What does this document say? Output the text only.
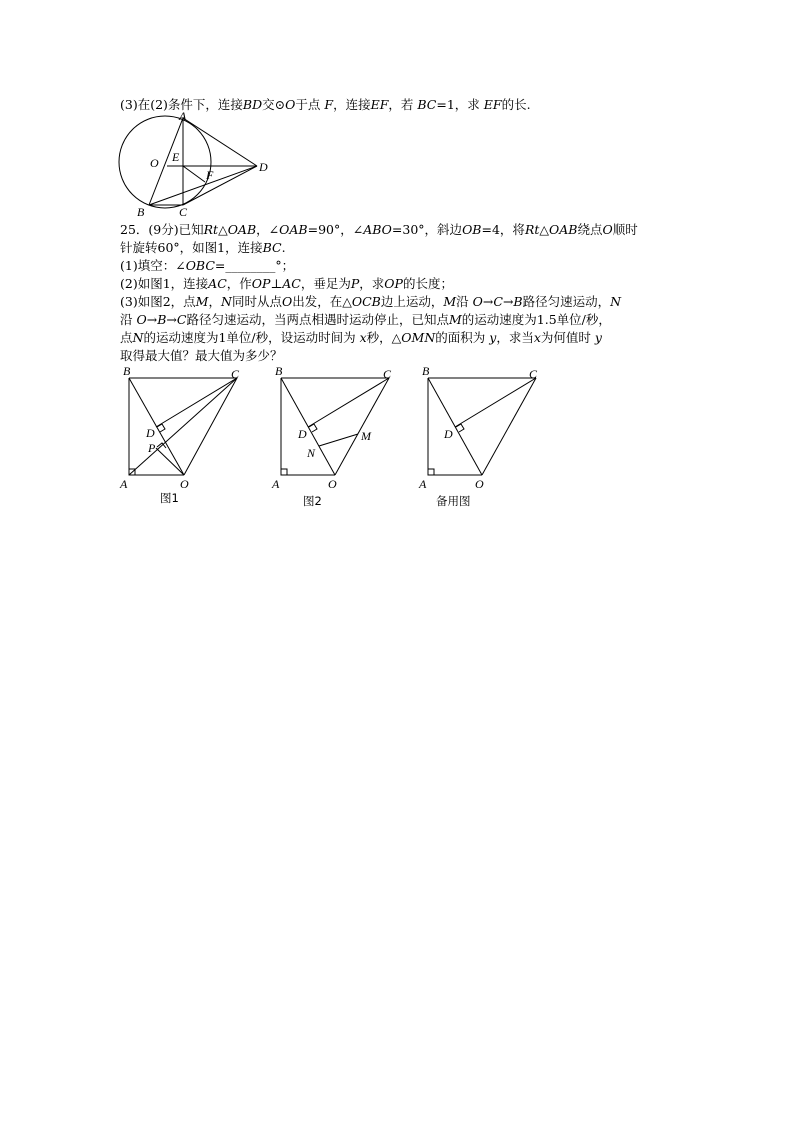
(3)在(2)条件下，连接BD交⊙O于点 F，连接EF，若 BC=1，求 EF的长.
A
O E
F
D
B	C
25．(9分)已知Rt△OAB，∠OAB=90°，∠ABO=30°，斜边OB=4，将Rt△OAB绕点O顺时
针旋转60°，如图1，连接BC.
(1)填空：∠OBC=________°；
(2)如图1，连接AC，作OP⊥AC，垂足为P，求OP的长度；
(3)如图2，点M，N同时从点O出发，在△OCB边上运动，M沿 O→C→B路径匀速运动，N
沿 O→B→C路径匀速运动，当两点相遇时运动停止，已知点M的运动速度为1.5单位/秒，
点N的运动速度为1单位/秒，设运动时间为 x秒，△OMN的面积为 y，求当x为何值时 y
取得最大值？最大值为多少？
B	C
D
P
A	O
图1
B	C
D	M
N
A	O
图2
B	C
D
A	O
备用图
